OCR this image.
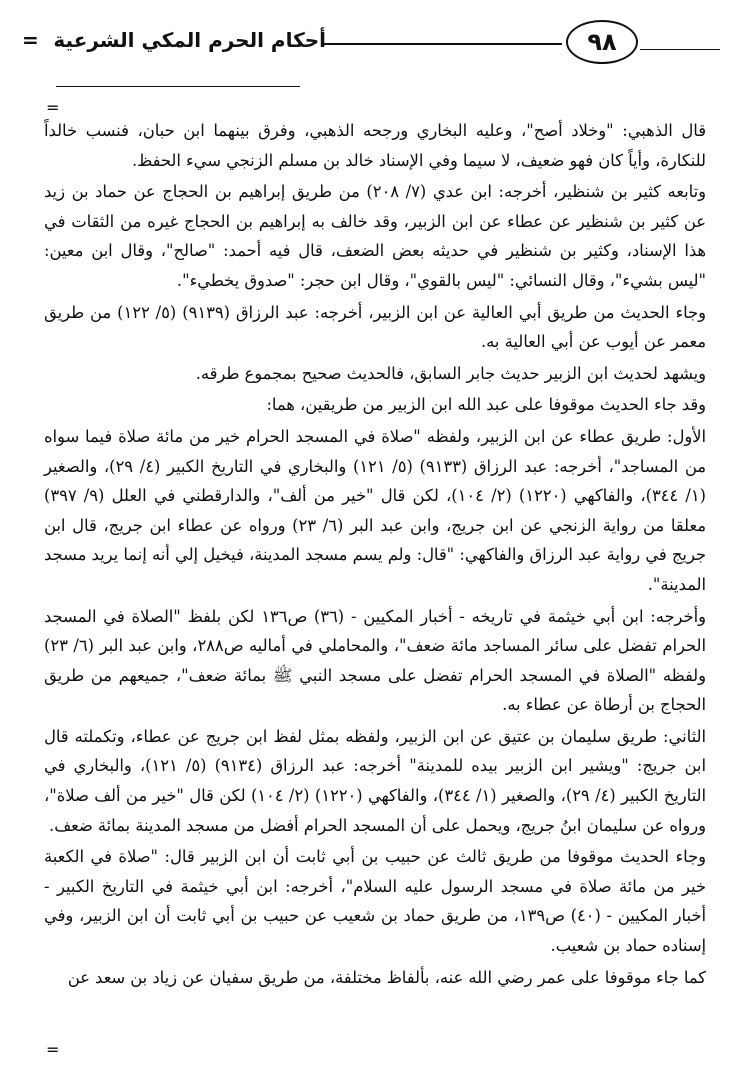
أحكام الحرم المكي الشرعية
=	٩٨
=

قال الذهبي: "وخلاد أصح"، وعليه البخاري ورجحه الذهبي، وفرق بينهما ابن حبان، فنسب خالداً للنكارة، وأياً كان فهو ضعيف، لا سيما وفي الإسناد خالد بن مسلم الزنجي سيء الحفظ.

وتابعه كثير بن شنظير، أخرجه: ابن عدي (٧/ ٢٠٨) من طريق إبراهيم بن الحجاج عن حماد بن زيد عن كثير بن شنظير عن عطاء عن ابن الزبير، وقد خالف به إبراهيم بن الحجاج غيره من الثقات في هذا الإسناد، وكثير بن شنظير في حديثه بعض الضعف، قال فيه أحمد: "صالح"، وقال ابن معين: "ليس بشيء"، وقال النسائي: "ليس بالقوي"، وقال ابن حجر: "صدوق يخطيء".

وجاء الحديث من طريق أبي العالية عن ابن الزبير، أخرجه: عبد الرزاق (٩١٣٩) (٥/ ١٢٢) من طريق معمر عن أيوب عن أبي العالية به.

ويشهد لحديث ابن الزبير حديث جابر السابق، فالحديث صحيح بمجموع طرقه.

وقد جاء الحديث موقوفا على عبد الله ابن الزبير من طريقين، هما:

الأول: طريق عطاء عن ابن الزبير، ولفظه "صلاة في المسجد الحرام خير من مائة صلاة فيما سواه من المساجد"، أخرجه: عبد الرزاق (٩١٣٣) (٥/ ١٢١) والبخاري في التاريخ الكبير (٤/ ٢٩)، والصغير (١/ ٣٤٤)، والفاكهي (١٢٢٠) (٢/ ١٠٤)، لكن قال "خير من ألف"، والدارقطني في العلل (٩/ ٣٩٧) معلقا من رواية الزنجي عن ابن جريج، وابن عبد البر (٦/ ٢٣) ورواه عن عطاء ابن جريج، قال ابن جريج في رواية عبد الرزاق والفاكهي: "قال: ولم يسم مسجد المدينة، فيخيل إلي أنه إنما يريد مسجد المدينة".

وأخرجه: ابن أبي خيثمة في تاريخه - أخبار المكيين - (٣٦) ص١٣٦ لكن بلفظ "الصلاة في المسجد الحرام تفضل على سائر المساجد مائة ضعف"، والمحاملي في أماليه ص٢٨٨، وابن عبد البر (٦/ ٢٣) ولفظه "الصلاة في المسجد الحرام تفضل على مسجد النبي ﷺ بمائة ضعف"، جميعهم من طريق الحجاج بن أرطاة عن عطاء به.

الثاني: طريق سليمان بن عتيق عن ابن الزبير، ولفظه بمثل لفظ ابن جريج عن عطاء، وتكملته قال ابن جريج: "ويشير ابن الزبير بيده للمدينة" أخرجه: عبد الرزاق (٩١٣٤) (٥/ ١٢١)، والبخاري في التاريخ الكبير (٤/ ٢٩)، والصغير (١/ ٣٤٤)، والفاكهي (١٢٢٠) (٢/ ١٠٤) لكن قال "خير من ألف صلاة"، ورواه عن سليمان ابنُ جريج، ويحمل على أن المسجد الحرام أفضل من مسجد المدينة بمائة ضعف.

وجاء الحديث موقوفا من طريق ثالث عن حبيب بن أبي ثابت أن ابن الزبير قال: "صلاة في الكعبة خير من مائة صلاة في مسجد الرسول عليه السلام"، أخرجه: ابن أبي خيثمة في التاريخ الكبير - أخبار المكيين - (٤٠) ص١٣٩، من طريق حماد بن شعيب عن حبيب بن أبي ثابت أن ابن الزبير، وفي إسناده حماد بن شعيب.

كما جاء موقوفا على عمر رضي الله عنه، بألفاظ مختلفة، من طريق سفيان عن زياد بن سعد عن

=
